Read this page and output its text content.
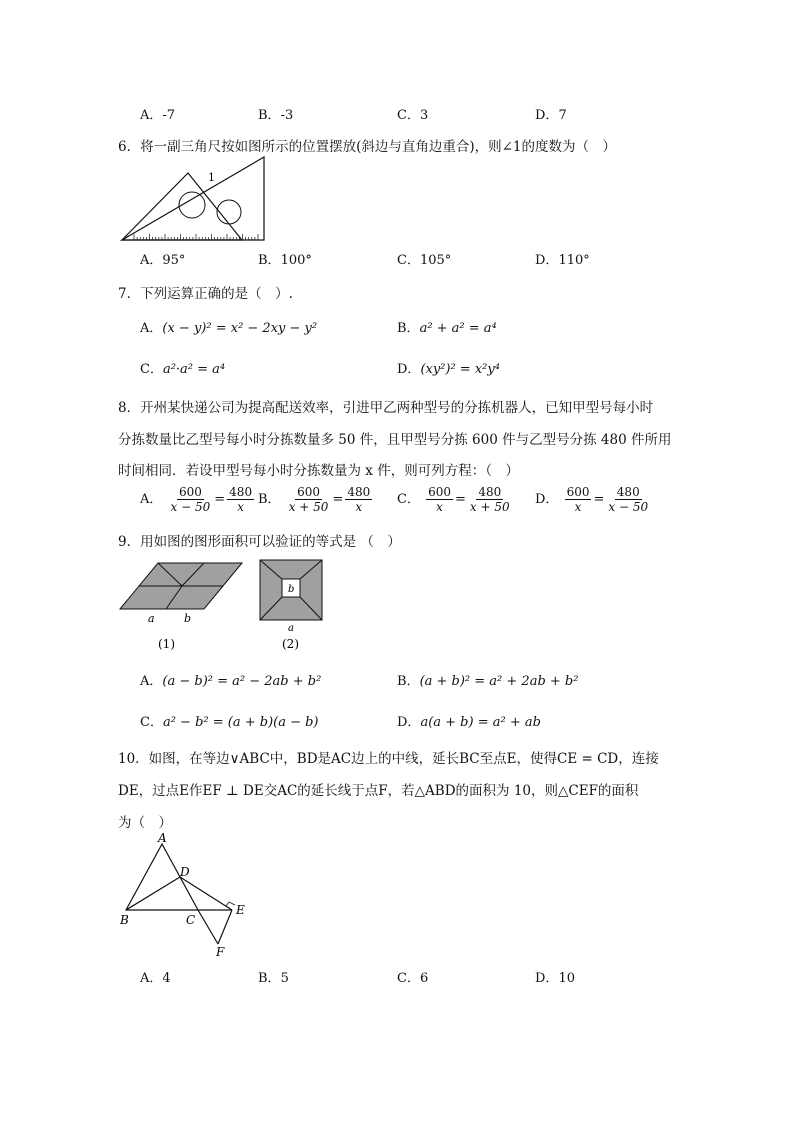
A．-7	B．-3	C．3	D．7
6．将一副三角尺按如图所示的位置摆放(斜边与直角边重合)，则∠1的度数为（　）
1
A．95°	B．100°	C．105°	D．110°
7．下列运算正确的是（　）.
A．(x − y)² = x² − 2xy − y²	B．a² + a² = a⁴
C．a²·a² = a⁴	D．(xy²)² = x²y⁴
8．开州某快递公司为提高配送效率，引进甲乙两种型号的分拣机器人，已知甲型号每小时
分拣数量比乙型号每小时分拣数量多 50 件，且甲型号分拣 600 件与乙型号分拣 480 件所用
时间相同．若设甲型号每小时分拣数量为 x 件，则可列方程：（　）
A． $\frac{600}{x - 50} = \frac{480}{x}$ B． $\frac{600}{x + 50} = \frac{480}{x}$ C． $\frac{600}{x} = \frac{480}{x + 50}$ D． $\frac{600}{x} = \frac{480}{x - 50}$
9．用如图的图形面积可以验证的等式是 （　）
a	b
(1)
b
a
(2)
A．(a − b)² = a² − 2ab + b²	B．(a + b)² = a² + 2ab + b²
C．a² − b² = (a + b)(a − b)	D．a(a + b) = a² + ab
10．如图，在等边∨ABC中，BD是AC边上的中线，延长BC至点E，使得CE = CD，连接
DE，过点E作EF ⊥ DE交AC的延长线于点F，若△ABD的面积为 10，则△CEF的面积
为（　）
A
B	C
D
E
F
A．4	B．5	C．6	D．10
